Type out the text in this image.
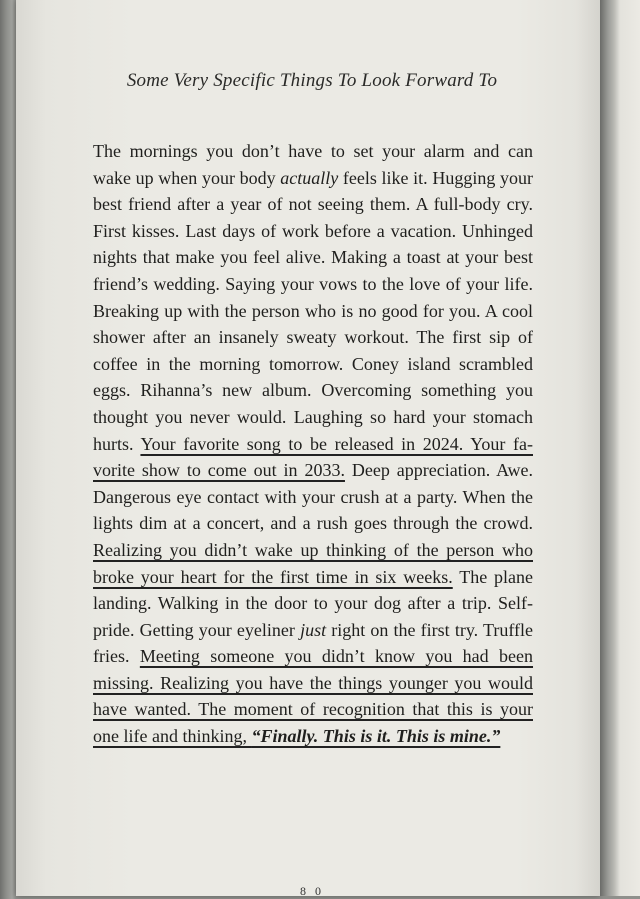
Some Very Specific Things To Look Forward To
The mornings you don’t have to set your alarm and can wake up when your body actually feels like it. Hugging your best friend after a year of not seeing them. A full-body cry. First kisses. Last days of work before a vacation. Unhinged nights that make you feel alive. Making a toast at your best friend’s wedding. Saying your vows to the love of your life. Breaking up with the person who is no good for you. A cool shower after an insanely sweaty workout. The first sip of coffee in the morning tomorrow. Coney island scrambled eggs. Rihanna’s new album. Overcoming something you thought you never would. Laughing so hard your stomach hurts. Your favorite song to be released in 2024. Your favorite show to come out in 2033. Deep appreciation. Awe. Dangerous eye contact with your crush at a party. When the lights dim at a concert, and a rush goes through the crowd. Realizing you didn’t wake up thinking of the person who broke your heart for the first time in six weeks. The plane landing. Walking in the door to your dog after a trip. Self-pride. Getting your eyeliner just right on the first try. Truffle fries. Meeting someone you didn’t know you had been missing. Realizing you have the things younger you would have wanted. The moment of recognition that this is your one life and thinking, “Finally. This is it. This is mine.”
8 0
